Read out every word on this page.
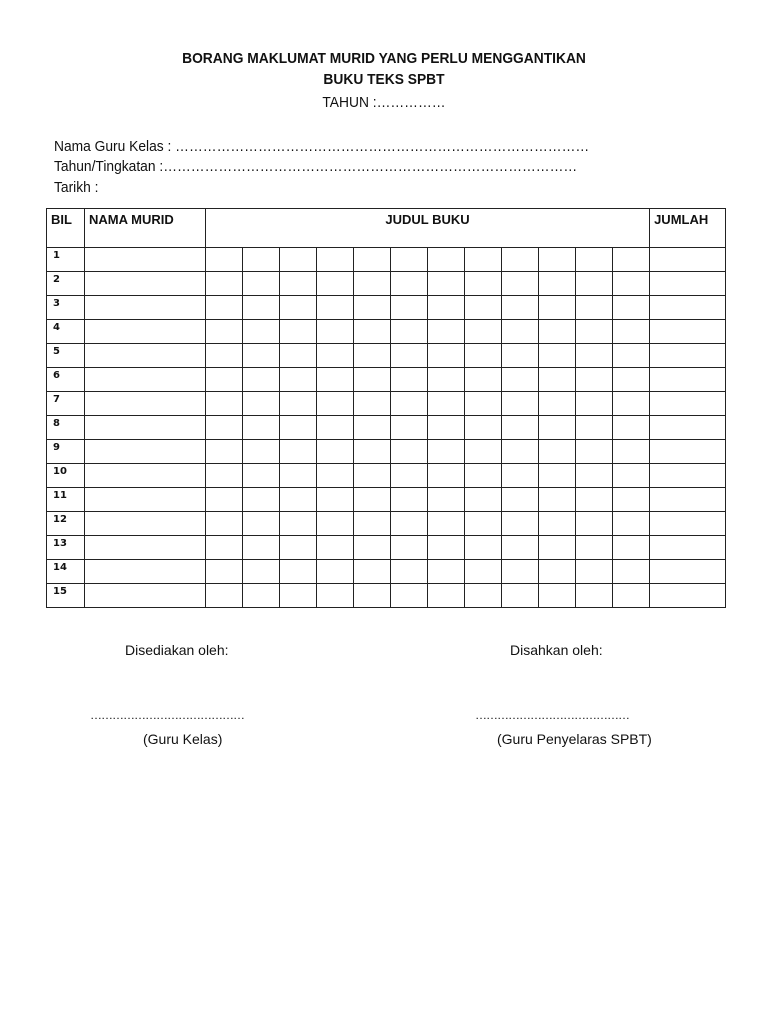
BORANG MAKLUMAT MURID YANG PERLU MENGGANTIKAN
BUKU TEKS SPBT
TAHUN :……………
Nama Guru Kelas : ………………………………………………………………………………
Tahun/Tingkatan :………………………………………………………………………………
Tarikh :
BIL	NAMA MURID	JUDUL BUKU												JUMLAH
1														
2														
3														
4														
5														
6														
7														
8														
9														
10														
11														
12														
13														
14														
15														
Disediakan oleh:	Disahkan oleh:
……………………………………	……………………………………
(Guru Kelas)	(Guru Penyelaras SPBT)
